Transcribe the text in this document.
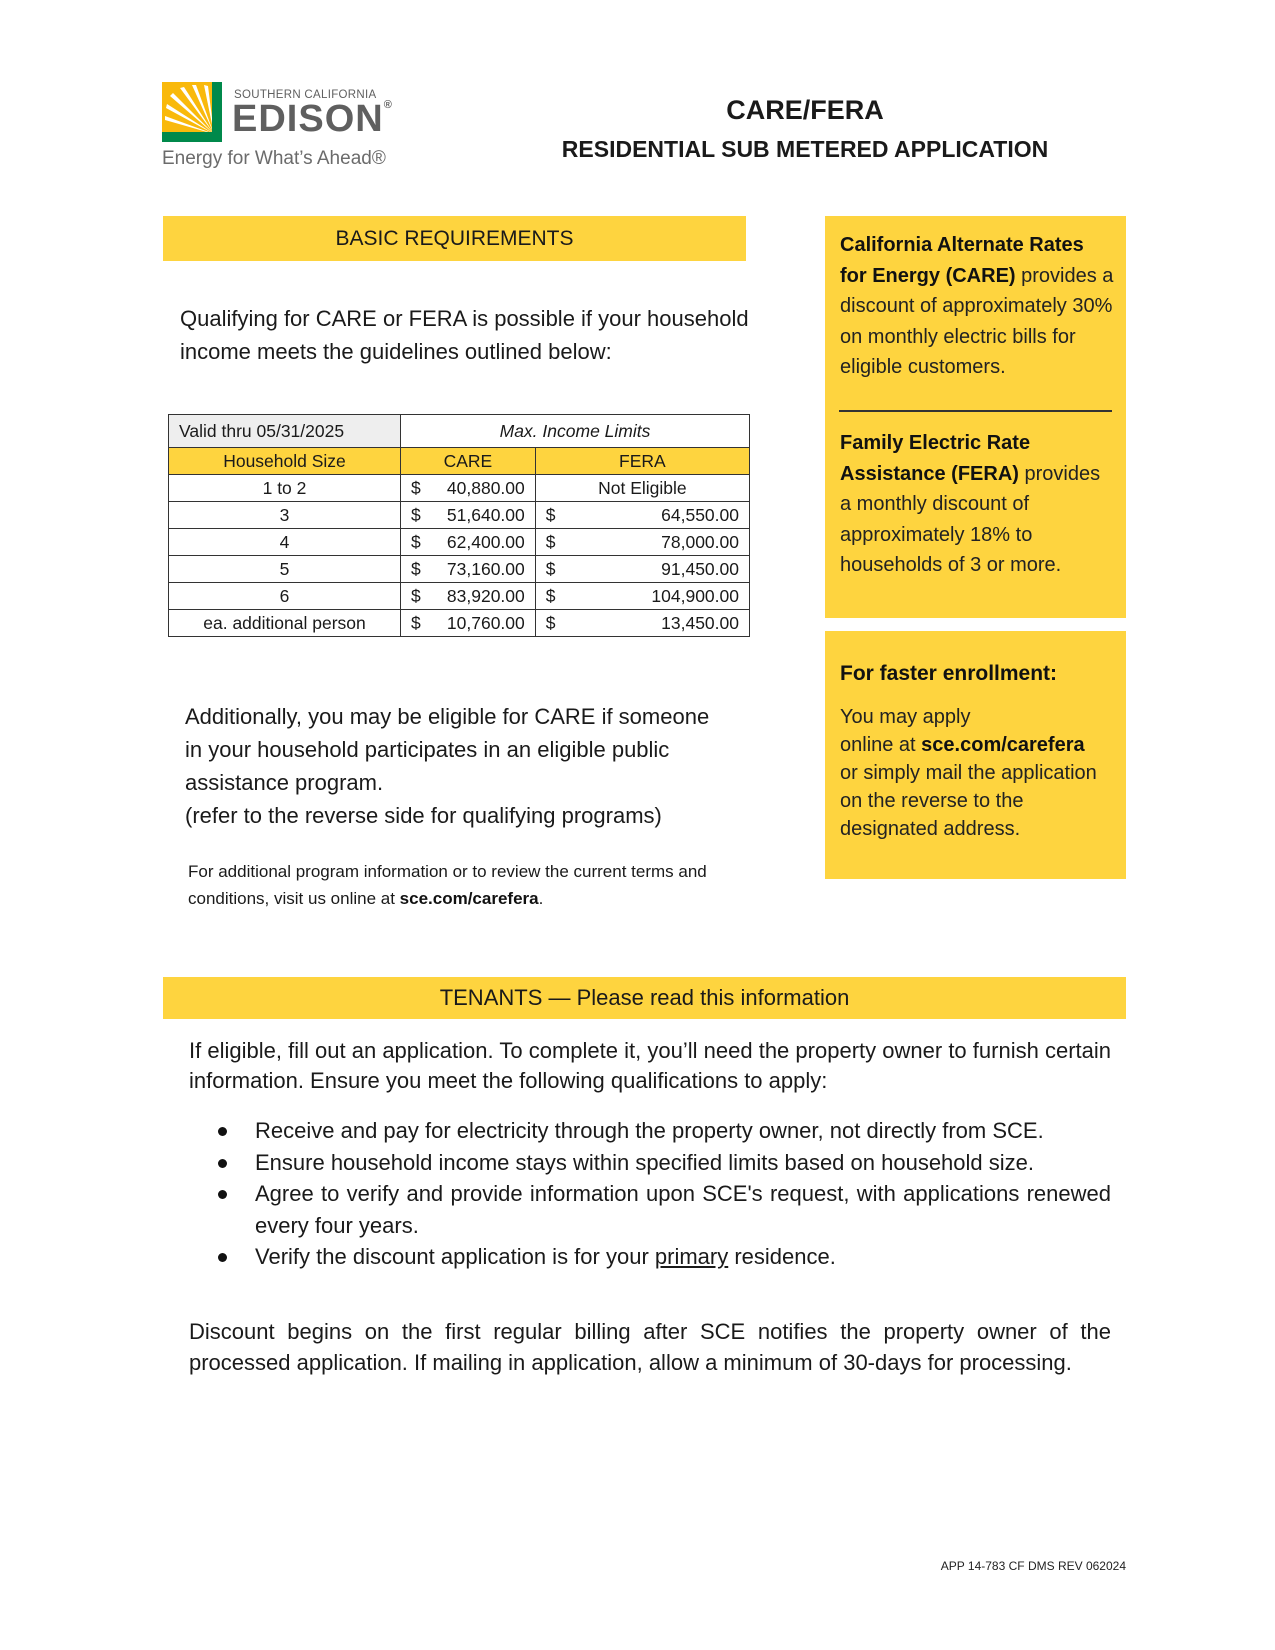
SOUTHERN CALIFORNIA
EDISON®
Energy for What’s Ahead®
CARE/FERA
RESIDENTIAL SUB METERED APPLICATION
BASIC REQUIREMENTS
Qualifying for CARE or FERA is possible if your household income meets the guidelines outlined below:
Valid thru 05/31/2025	Max. Income Limits	
Household Size	CARE	FERA
1 to 2	$ 40,880.00	Not Eligible
3	$ 51,640.00	$ 64,550.00

4	$ 62,400.00	$ 78,000.00

5	$ 73,160.00	$ 91,450.00

6	$ 83,920.00	$ 104,900.00

ea. additional person	$ 10,760.00	$ 13,450.00
Additionally, you may be eligible for CARE if someone
in your household participates in an eligible public
assistance program.
(refer to the reverse side for qualifying programs)
For additional program information or to review the current terms and conditions, visit us online at sce.com/carefera.
California Alternate Rates for Energy (CARE) provides a discount of approximately 30% on monthly electric bills for eligible customers.
Family Electric Rate Assistance (FERA) provides a monthly discount of approximately 18% to households of 3 or more.
For faster enrollment:
You may apply
online at sce.com/carefera
or simply mail the application on the reverse to the designated address.
TENANTS — Please read this information
If eligible, fill out an application. To complete it, you’ll need the property owner to furnish certain information. Ensure you meet the following qualifications to apply:
Receive and pay for electricity through the property owner, not directly from SCE.
Ensure household income stays within specified limits based on household size.
Agree to verify and provide information upon SCE's request, with applications renewed every four years.
Verify the discount application is for your primary residence.
Discount begins on the first regular billing after SCE notifies the property owner of the processed application. If mailing in application, allow a minimum of 30-days for processing.
APP 14-783 CF DMS REV 062024
